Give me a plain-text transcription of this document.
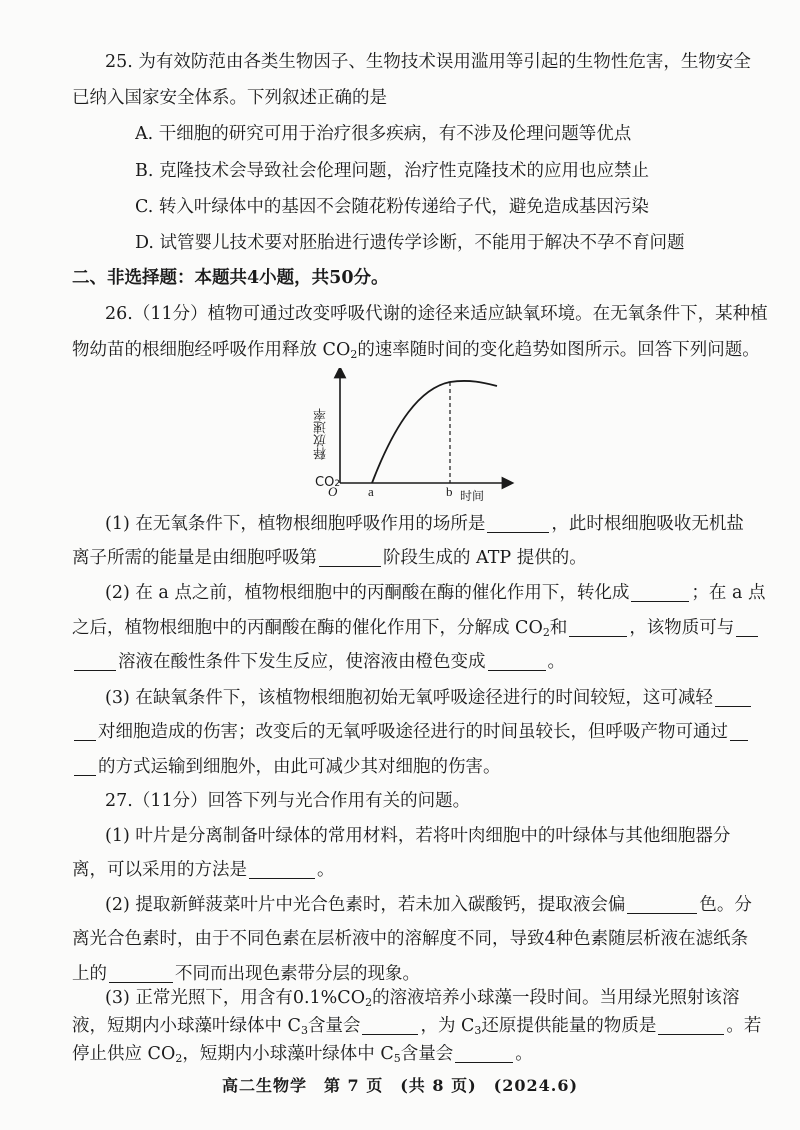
25. 为有效防范由各类生物因子、生物技术误用滥用等引起的生物性危害，生物安全
已纳入国家安全体系。下列叙述正确的是
A. 干细胞的研究可用于治疗很多疾病，有不涉及伦理问题等优点
B. 克隆技术会导致社会伦理问题，治疗性克隆技术的应用也应禁止
C. 转入叶绿体中的基因不会随花粉传递给子代，避免造成基因污染
D. 试管婴儿技术要对胚胎进行遗传学诊断，不能用于解决不孕不育问题
二、非选择题：本题共4小题，共50分。
26.（11分）植物可通过改变呼吸代谢的途径来适应缺氧环境。在无氧条件下，某种植
物幼苗的根细胞经呼吸作用释放 $CO_2$的速率随时间的变化趋势如图所示。回答下列问题。
O a	b 时间
释放速率
CO2
(1) 在无氧条件下，植物根细胞呼吸作用的场所是	，此时根细胞吸收无机盐
离子所需的能量是由细胞呼吸第	阶段生成的 ATP 提供的。
(2) 在 a 点之前，植物根细胞中的丙酮酸在酶的催化作用下，转化成	；在 a 点
之后，植物根细胞中的丙酮酸在酶的催化作用下，分解成 $CO_2$和	，该物质可与
溶液在酸性条件下发生反应，使溶液由橙色变成	。
(3) 在缺氧条件下，该植物根细胞初始无氧呼吸途径进行的时间较短，这可减轻
对细胞造成的伤害；改变后的无氧呼吸途径进行的时间虽较长，但呼吸产物可通过
的方式运输到细胞外，由此可减少其对细胞的伤害。
27.（11分）回答下列与光合作用有关的问题。
(1) 叶片是分离制备叶绿体的常用材料，若将叶肉细胞中的叶绿体与其他细胞器分
离，可以采用的方法是	。
(2) 提取新鲜菠菜叶片中光合色素时，若未加入碳酸钙，提取液会偏	色。分
离光合色素时，由于不同色素在层析液中的溶解度不同，导致4种色素随层析液在滤纸条
上的	不同而出现色素带分层的现象。
(3) 正常光照下，用含有$0.1\%CO_2$的溶液培养小球藻一段时间。当用绿光照射该溶
液，短期内小球藻叶绿体中 $C_3$含量会	，为 $C_3$还原提供能量的物质是	。若
高二生物学　第 7 页　(共 8 页)　(2024.6)
停止供应 $CO_2$，短期内小球藻叶绿体中 $C_5$含量会	。
